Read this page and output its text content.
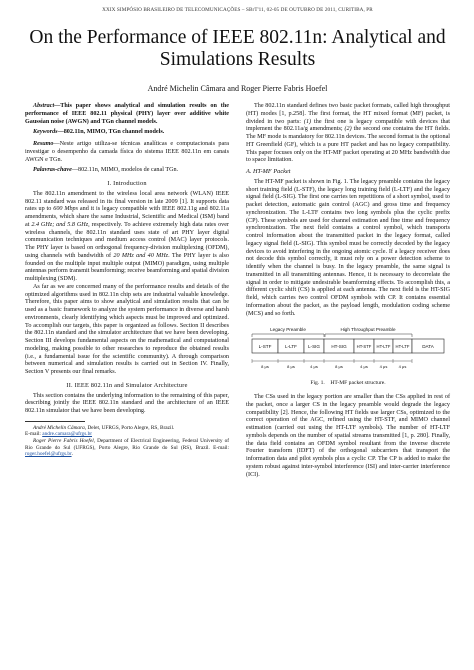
XXIX SIMPÓSIO BRASILEIRO DE TELECOMUNICAÇÕES – SBrT'11, 02-05 DE OUTUBRO DE 2011, CURITIBA, PR
On the Performance of IEEE 802.11n: Analytical and Simulations Results
André Michelin Câmara and Roger Pierre Fabris Hoefel

Abstract—This paper shows analytical and simulation results on the performance of IEEE 802.11 physical (PHY) layer over additive white Gaussian noise (AWGN) and TGn channel models.

Keywords—802.11n, MIMO, TGn channel models.

Resumo—Neste artigo utiliza-se técnicas analíticas e computacionais para investigar o desempenho da camada física do sistema IEEE 802.11n em canais AWGN e TGn.

Palavras-chave—802.11n, MIMO, modelos de canal TGn.

I. Introduction

The 802.11n amendment to the wireless local area network (WLAN) IEEE 802.11 standard was released in its final version in late 2009 [1]. It supports data rates up to 600 Mbps and it is legacy compatible with IEEE 802.11g and 802.11a amendments, which share the same Industrial, Scientific and Medical (ISM) band at 2.4 GHz; and 5.8 GHz, respectively. To achieve extremely high data rates over wireless channels, the 802.11n standard uses state of art PHY layer digital communication techniques and medium access control (MAC) layer protocols. The PHY layer is based on orthogonal frequency-division multiplexing (OFDM), using channels with bandwidth of 20 MHz and 40 MHz. The PHY layer is also founded on the multiple input multiple output (MIMO) paradigm, using multiple antennas perform transmit beamforming; receive beamforming and spatial division multiplexing (SDM).

As far as we are concerned many of the performance results and details of the optimized algorithms used in 802.11n chip sets are industrial valuable knowledge. Therefore, this paper aims to show analytical and simulation results that can be used as a basic framework to analyze the system performance in diverse and harsh environments, clearly identifying which aspects must be improved and optimized. To accomplish our targets, this paper is organized as follows. Section II describes the 802.11n standard and the simulator architecture that we have been developing. Section III develops fundamental aspects on the mathematical and computational modeling, making possible to other researches to reproduce the obtained results (i.e., a fundamental issue for the scientific community). A through comparison between numerical and simulation results is carried out in Section IV. Finally, Section V presents our final remarks.

II. IEEE 802.11n and Simulator Architecture

This section contains the underlying information to the remaining of this paper, describing jointly the IEEE 802.11n standard and the architecture of an IEEE 802.11n simulator that we have been developing.

André Michelin Câmara, Delet, UFRGS, Porto Alegre, RS, Brazil.
E-mail: andre.camara@ufrgs.br

Roger Pierre Fabris Hoefel, Department of Electrical Engineering, Federal University of Rio Grande do Sul (UFRGS), Porto Alegre, Rio Grande do Sul (RS), Brazil. E-mail: roger.hoefel@ufrgs.br.

The 802.11n standard defines two basic packet formats, called high throughput (HT) modes [1, p.258]. The first format, the HT mixed format (MF) packet, is divided in two parts: (1) the first one is legacy compatible with devices that implement the 802.11a/g amendments; (2) the second one contains the HT fields. The MF mode is mandatory for 802.11n devices. The second format is the optional HT Greenfield (GF), which is a pure HT packet and has no legacy compatibility. This paper focuses only on the HT-MF packet operating at 20 MHz bandwidth due to space limitation.

A. HT-MF Packet

The HT-MF packet is shown in Fig. 1. The legacy preamble contains the legacy short training field (L-STF), the legacy long training field (L-LTF) and the legacy signal field (L-SIG). The first one carries ten repetitions of a short symbol, used to packet detection, automatic gain control (AGC) and gross time and frequency synchronization. The L-LTF contains two long symbols plus the cyclic prefix (CP). These symbols are used for channel estimation and fine time and frequency synchronization. The next field contains a control symbol, which transports control information about the transmitted packet in the legacy format, called legacy signal field (L-SIG). This symbol must be correctly decoded by the legacy devices to avoid interfering in the ongoing atomic cycle. If a legacy receiver does not decode this symbol correctly, it must rely on a power detection scheme to identify when the channel is busy. In the legacy preamble, the same signal is transmitted in all transmitting antennas. Hence, it is necessary to decorrelate the signal in order to mitigate undesirable beamforming effects. To accomplish this, a different cyclic shift (CS) is applied at each antenna. The next field is the HT-SIG field, which carries two control OFDM symbols with CP. It contains essential information about the packet, as the payload length, modulation coding scheme (MCS) and so forth.

Legacy Preamble	High Throughput Preamble
L-STF	L-LTF L-SIG HT-SIG HT-STF HT-LTF HT-LTF	DATA
8 μs	8 μs	4 μs	8 μs	4 μs	4 μs	4 μs
Fig. 1. HT-MF packet structure.

The CSs used in the legacy portion are smaller than the CSs applied in rest of the packet, once a larger CS in the legacy preamble would degrade the legacy compatibility [2]. Hence, the following HT fields use larger CSs, optimized to the correct operation of the AGC, refined using the HT-STF, and MIMO channel estimation (carried out using the HT-LTF symbols). The number of HT-LTF symbols depends on the number of spatial streams transmitted [1, p. 280]. Finally, the data field contains an OFDM symbol resultant from the inverse discrete Fourier transform (IDFT) of the orthogonal subcarriers that transport the information data and pilot symbols plus a cyclic CP. The CP is added to make the system robust against inter-symbol interference (ISI) and inter-carrier interference (ICI).
